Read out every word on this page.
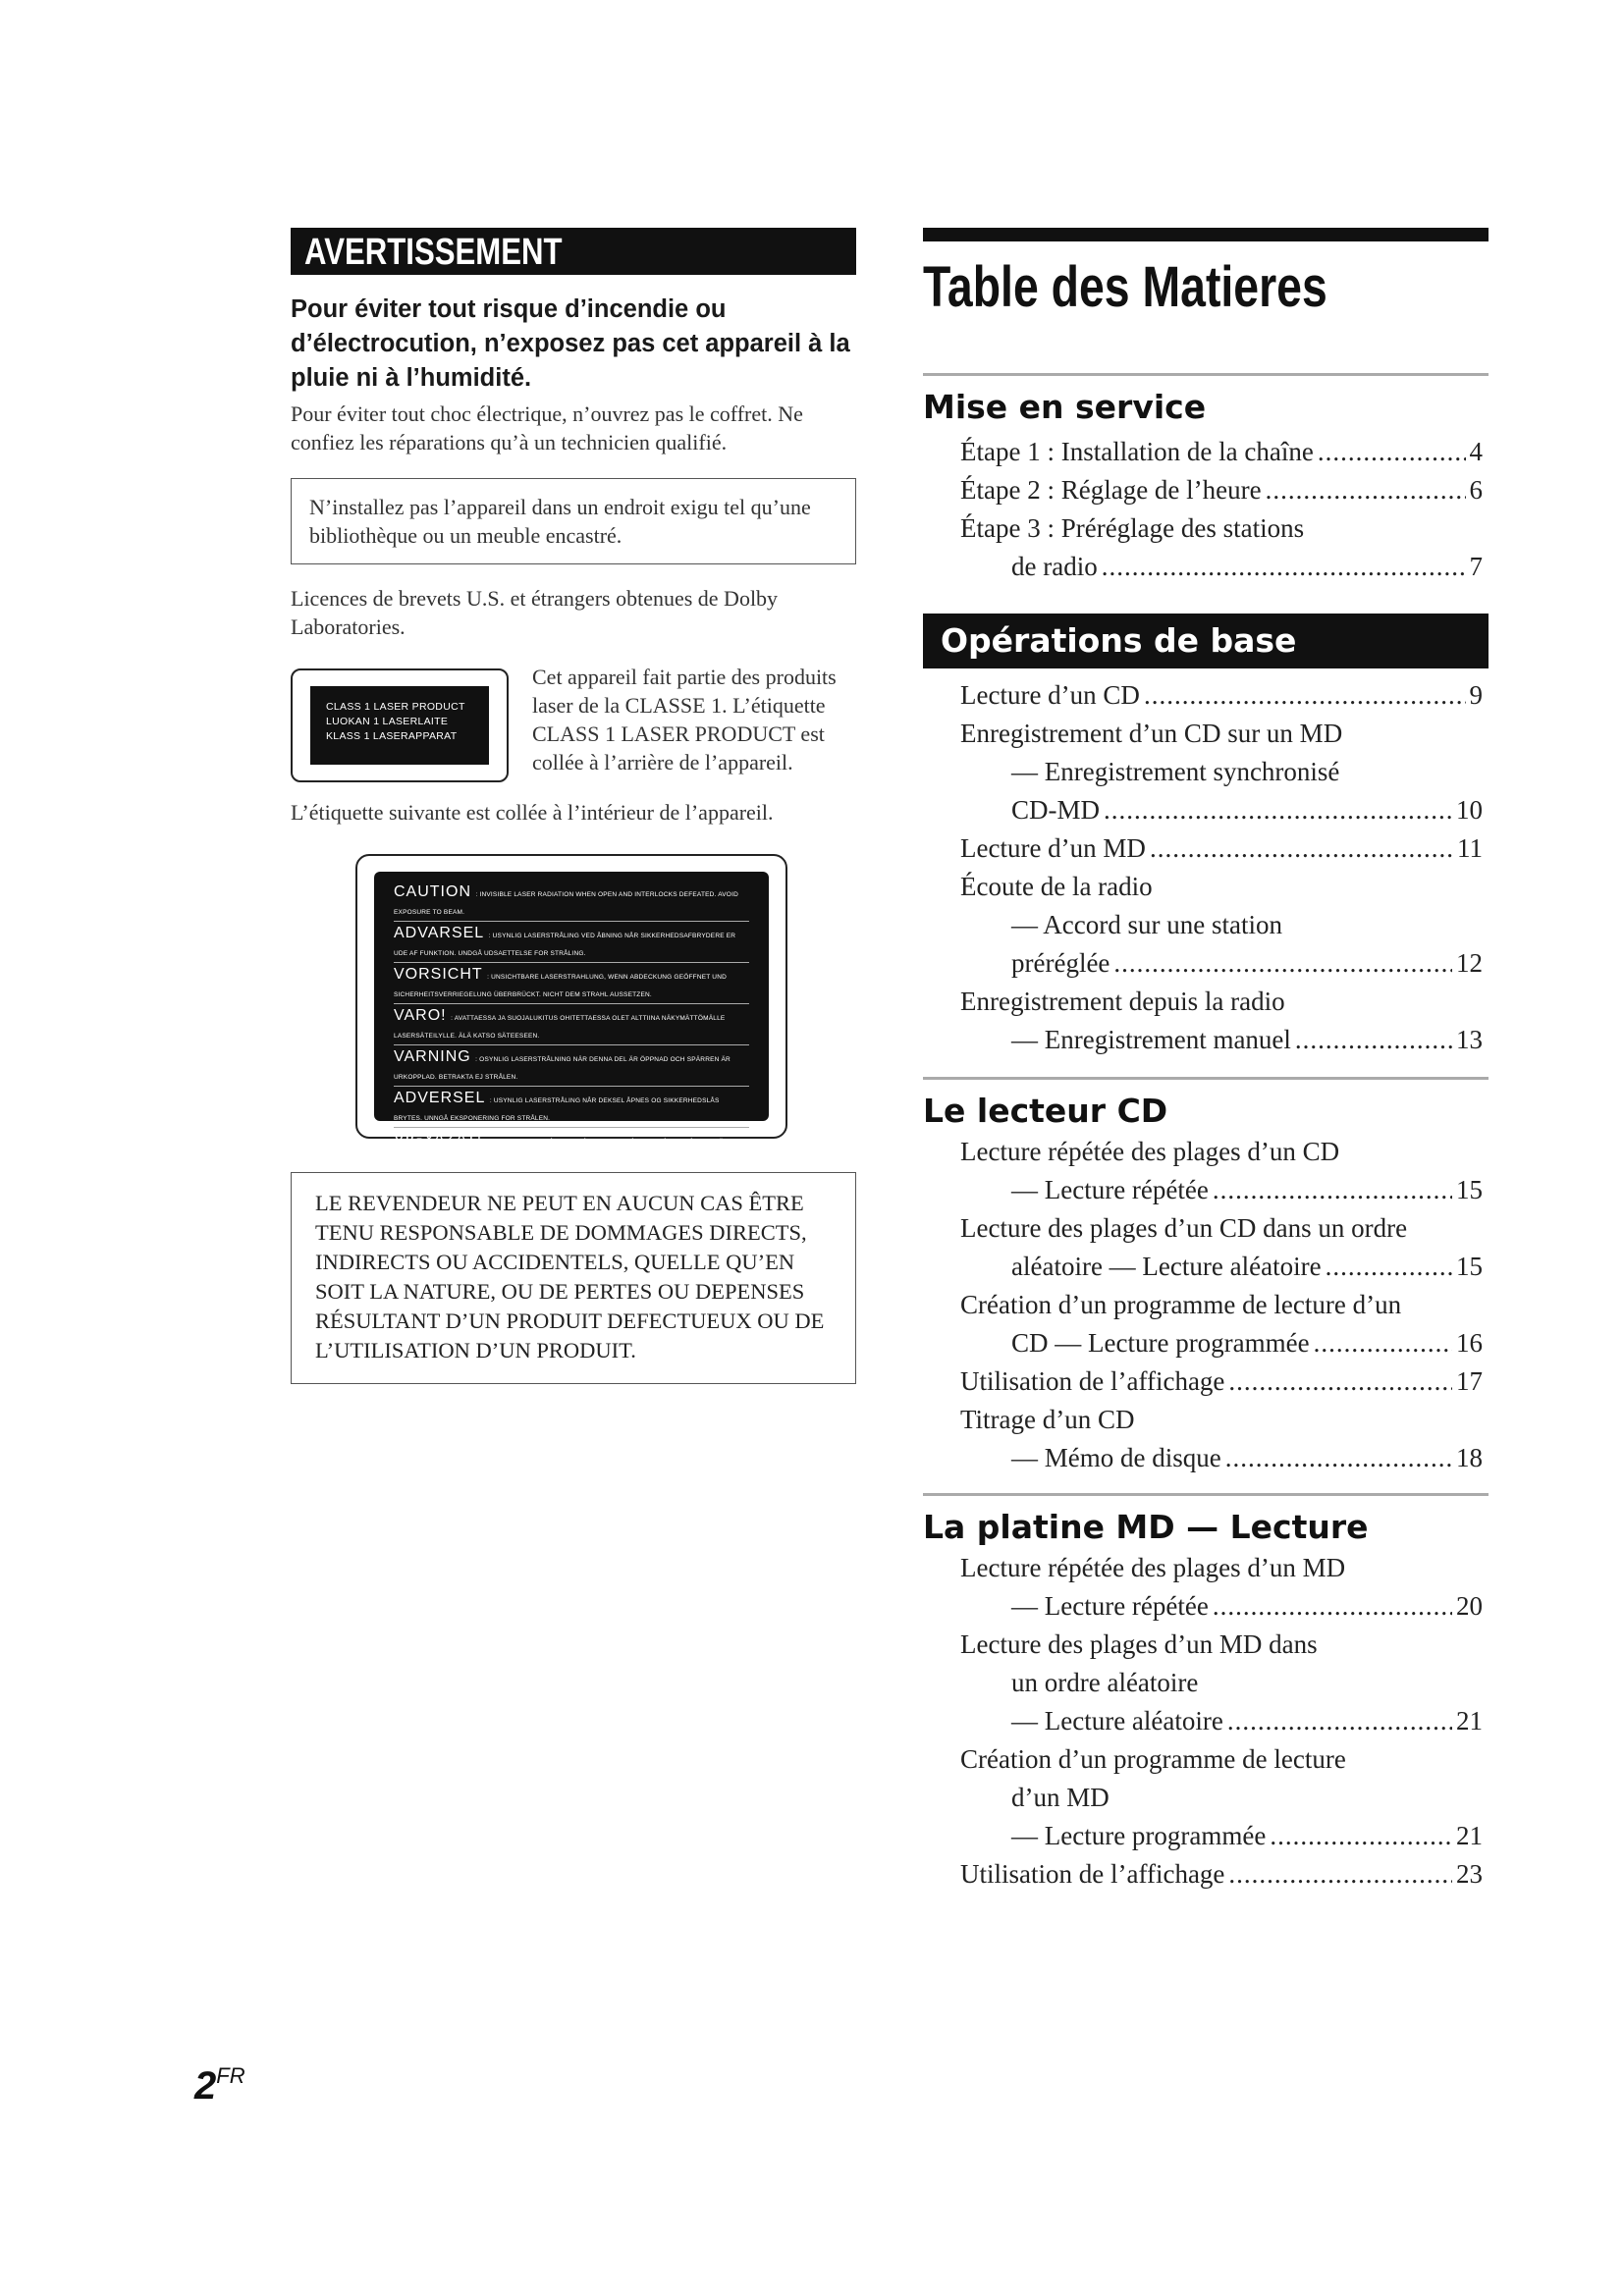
AVERTISSEMENT
Pour éviter tout risque d’incendie ou d’électrocution, n’exposez pas cet appareil à la pluie ni à l’humidité.
Pour éviter tout choc électrique, n’ouvrez pas le coffret. Ne confiez les réparations qu’à un technicien qualifié.
N’installez pas l’appareil dans un endroit exigu tel qu’une bibliothèque ou un meuble encastré.
Licences de brevets U.S. et étrangers obtenues de Dolby Laboratories.
CLASS 1 LASER PRODUCT
LUOKAN 1 LASERLAITE
KLASS 1 LASERAPPARAT
Cet appareil fait partie des produits laser de la CLASSE 1. L’étiquette CLASS 1 LASER PRODUCT est collée à l’arrière de l’appareil.
L’étiquette suivante est collée à l’intérieur de l’appareil.
CAUTION : INVISIBLE LASER RADIATION WHEN OPEN AND INTERLOCKS DEFEATED. AVOID EXPOSURE TO BEAM.
ADVARSEL : USYNLIG LASERSTRÅLING VED ÅBNING NÅR SIKKERHEDSAFBRYDERE ER UDE AF FUNKTION. UNDGÅ UDSAETTELSE FOR STRÅLING.
VORSICHT : UNSICHTBARE LASERSTRAHLUNG, WENN ABDECKUNG GEÖFFNET UND SICHERHEITSVERRIEGELUNG ÜBERBRÜCKT. NICHT DEM STRAHL AUSSETZEN.
VARO! : AVATTAESSA JA SUOJALUKITUS OHITETTAESSA OLET ALTTIINA NÄKYMÄTTÖMÄLLE LASERSÄTEILYLLE. ÄLÄ KATSO SÄTEESEEN.
VARNING : OSYNLIG LASERSTRÅLNING NÄR DENNA DEL ÄR ÖPPNAD OCH SPÄRREN ÄR URKOPPLAD. BETRAKTA EJ STRÅLEN.
ADVERSEL : USYNLIG LASERSTRÅLING NÅR DEKSEL ÅPNES OG SIKKERHEDSLÅS BRYTES. UNNGÅ EKSPONERING FOR STRÅLEN.
VIGYAZAT! : A BURKOLAT NYITÁSAKOR LÁTHATATLAN LÉZERSUGÁRVESZÉLY! KERÜLJE A BESUGÁRZÁST!
LE REVENDEUR NE PEUT EN AUCUN CAS ÊTRE TENU RESPONSABLE DE DOMMAGES DIRECTS, INDIRECTS OU ACCIDENTELS, QUELLE QU’EN SOIT LA NATURE, OU DE PERTES OU DEPENSES RÉSULTANT D’UN PRODUIT DEFECTUEUX OU DE L’UTILISATION D’UN PRODUIT.
Table des Matieres
Mise en service
Étape 1 : Installation de la chaîne .....	4
Étape 2 : Réglage de l’heure .....	6
Étape 3 : Préréglage des stations
de radio .....	7
Opérations de base
Lecture d’un CD .....	9
Enregistrement d’un CD sur un MD
— Enregistrement synchronisé
CD-MD .....	10
Lecture d’un MD .....	11
Écoute de la radio
— Accord sur une station
préréglée .....	12
Enregistrement depuis la radio
— Enregistrement manuel .....	13
Le lecteur CD
Lecture répétée des plages d’un CD
— Lecture répétée .....	15
Lecture des plages d’un CD dans un ordre
aléatoire — Lecture aléatoire .....	15
Création d’un programme de lecture d’un
CD — Lecture programmée .....	16
Utilisation de l’affichage .....	17
Titrage d’un CD
— Mémo de disque .....	18
La platine MD — Lecture
Lecture répétée des plages d’un MD
— Lecture répétée .....	20
Lecture des plages d’un MD dans
un ordre aléatoire
— Lecture aléatoire .....	21
Création d’un programme de lecture
d’un MD
— Lecture programmée .....	21
Utilisation de l’affichage .....	23
2FR
